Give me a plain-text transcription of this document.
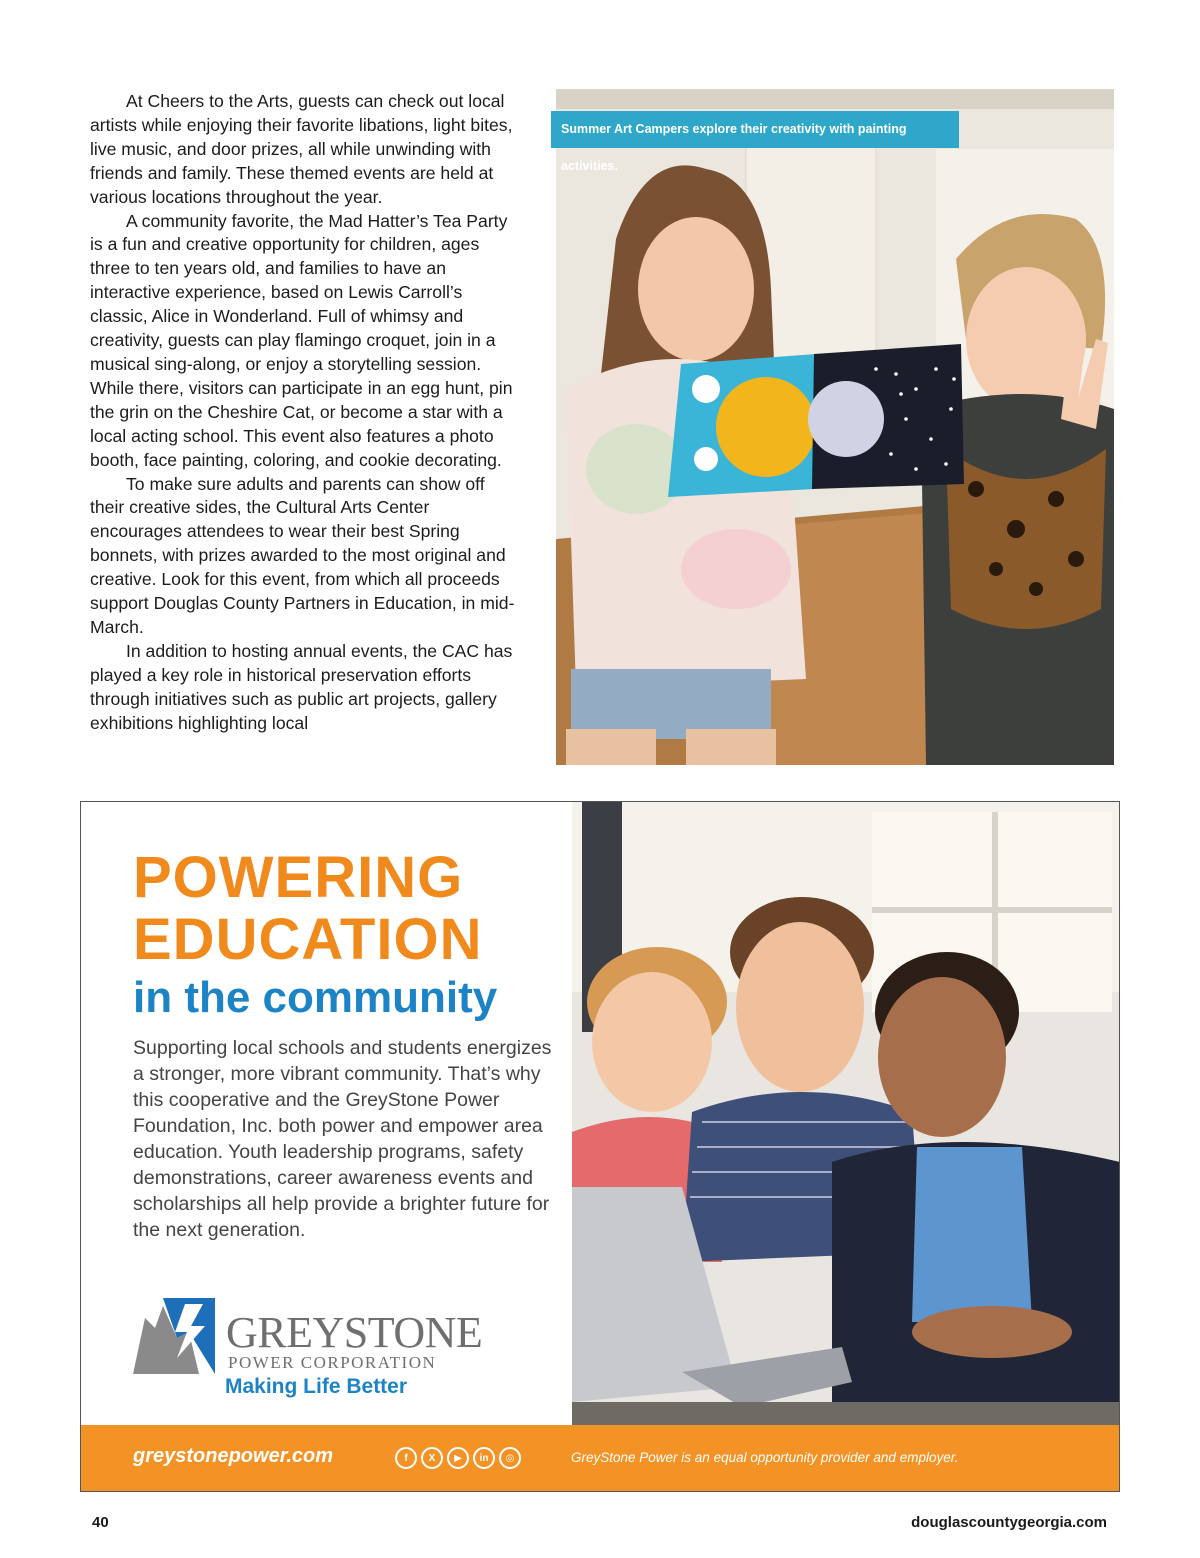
At Cheers to the Arts, guests can check out local artists while enjoying their favorite libations, light bites, live music, and door prizes, all while unwinding with friends and family. These themed events are held at various locations throughout the year.

A community favorite, the Mad Hatter’s Tea Party is a fun and creative opportunity for children, ages three to ten years old, and families to have an interactive experience, based on Lewis Carroll’s classic, Alice in Wonderland. Full of whimsy and creativity, guests can play flamingo croquet, join in a musical sing-along, or enjoy a storytelling session. While there, visitors can participate in an egg hunt, pin the grin on the Cheshire Cat, or become a star with a local acting school. This event also features a photo booth, face painting, coloring, and cookie decorating.

To make sure adults and parents can show off their creative sides, the Cultural Arts Center encourages attendees to wear their best Spring bonnets, with prizes awarded to the most original and creative. Look for this event, from which all proceeds support Douglas County Partners in Education, in mid-March.

In addition to hosting annual events, the CAC has played a key role in historical preservation efforts through initiatives such as public art projects, gallery exhibitions highlighting local

Summer Art Campers explore their creativity with painting activities.
POWERING
EDUCATION
in the community
Supporting local schools and students energizes a stronger, more vibrant community. That’s why this cooperative and the GreyStone Power Foundation, Inc. both power and empower area education. Youth leadership programs, safety demonstrations, career awareness events and scholarships all help provide a brighter future for the next generation.
GREYSTONE
POWER CORPORATION
Making Life Better
greystonepower.com	f	X	▶	in	◎	GreyStone Power is an equal opportunity provider and employer.
40	douglascountygeorgia.com
